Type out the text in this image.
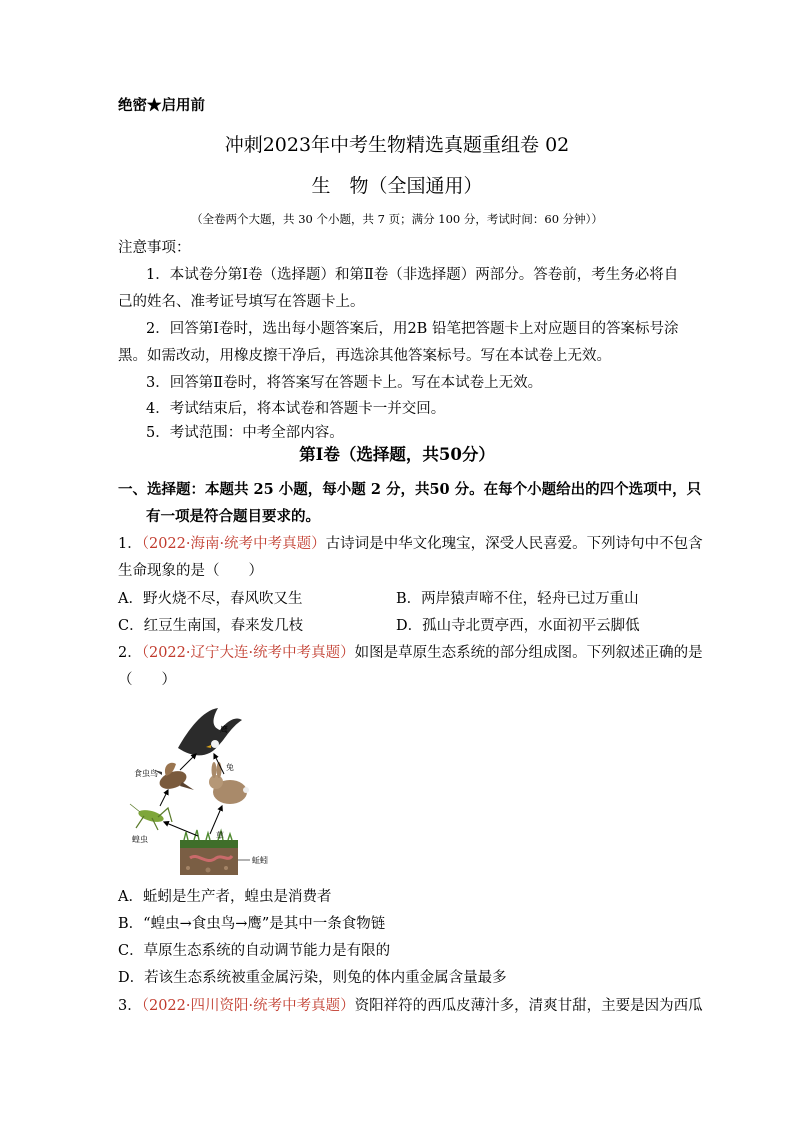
绝密★启用前
冲刺2023年中考生物精选真题重组卷 02
生　物（全国通用）
（全卷两个大题，共 30 个小题，共 7 页；满分 100 分，考试时间：60 分钟））
注意事项：
1．本试卷分第Ⅰ卷（选择题）和第Ⅱ卷（非选择题）两部分。答卷前，考生务必将自
己的姓名、准考证号填写在答题卡上。
2．回答第Ⅰ卷时，选出每小题答案后，用2B 铅笔把答题卡上对应题目的答案标号涂
黑。如需改动，用橡皮擦干净后，再选涂其他答案标号。写在本试卷上无效。
3．回答第Ⅱ卷时，将答案写在答题卡上。写在本试卷上无效。
4．考试结束后，将本试卷和答题卡一并交回。
5．考试范围：中考全部内容。
第Ⅰ卷（选择题，共50分）
一、选择题：本题共 25 小题，每小题 2 分，共50 分。在每个小题给出的四个选项中，只
有一项是符合题目要求的。
1．（2022·海南·统考中考真题）古诗词是中华文化瑰宝，深受人民喜爱。下列诗句中不包含
生命现象的是（　　）
A．野火烧不尽，春风吹又生	B．两岸猿声啼不住，轻舟已过万重山
C．红豆生南国，春来发几枝	D．孤山寺北贾亭西，水面初平云脚低
2．（2022·辽宁大连·统考中考真题）如图是草原生态系统的部分组成图。下列叙述正确的是
（　　）
鹰
食虫鸟
兔
蝗虫	草
蚯蚓
A．蚯蚓是生产者，蝗虫是消费者
B．“蝗虫→食虫鸟→鹰”是其中一条食物链
C．草原生态系统的自动调节能力是有限的
D．若该生态系统被重金属污染，则兔的体内重金属含量最多
3．（2022·四川资阳·统考中考真题）资阳祥符的西瓜皮薄汁多，清爽甘甜，主要是因为西瓜
